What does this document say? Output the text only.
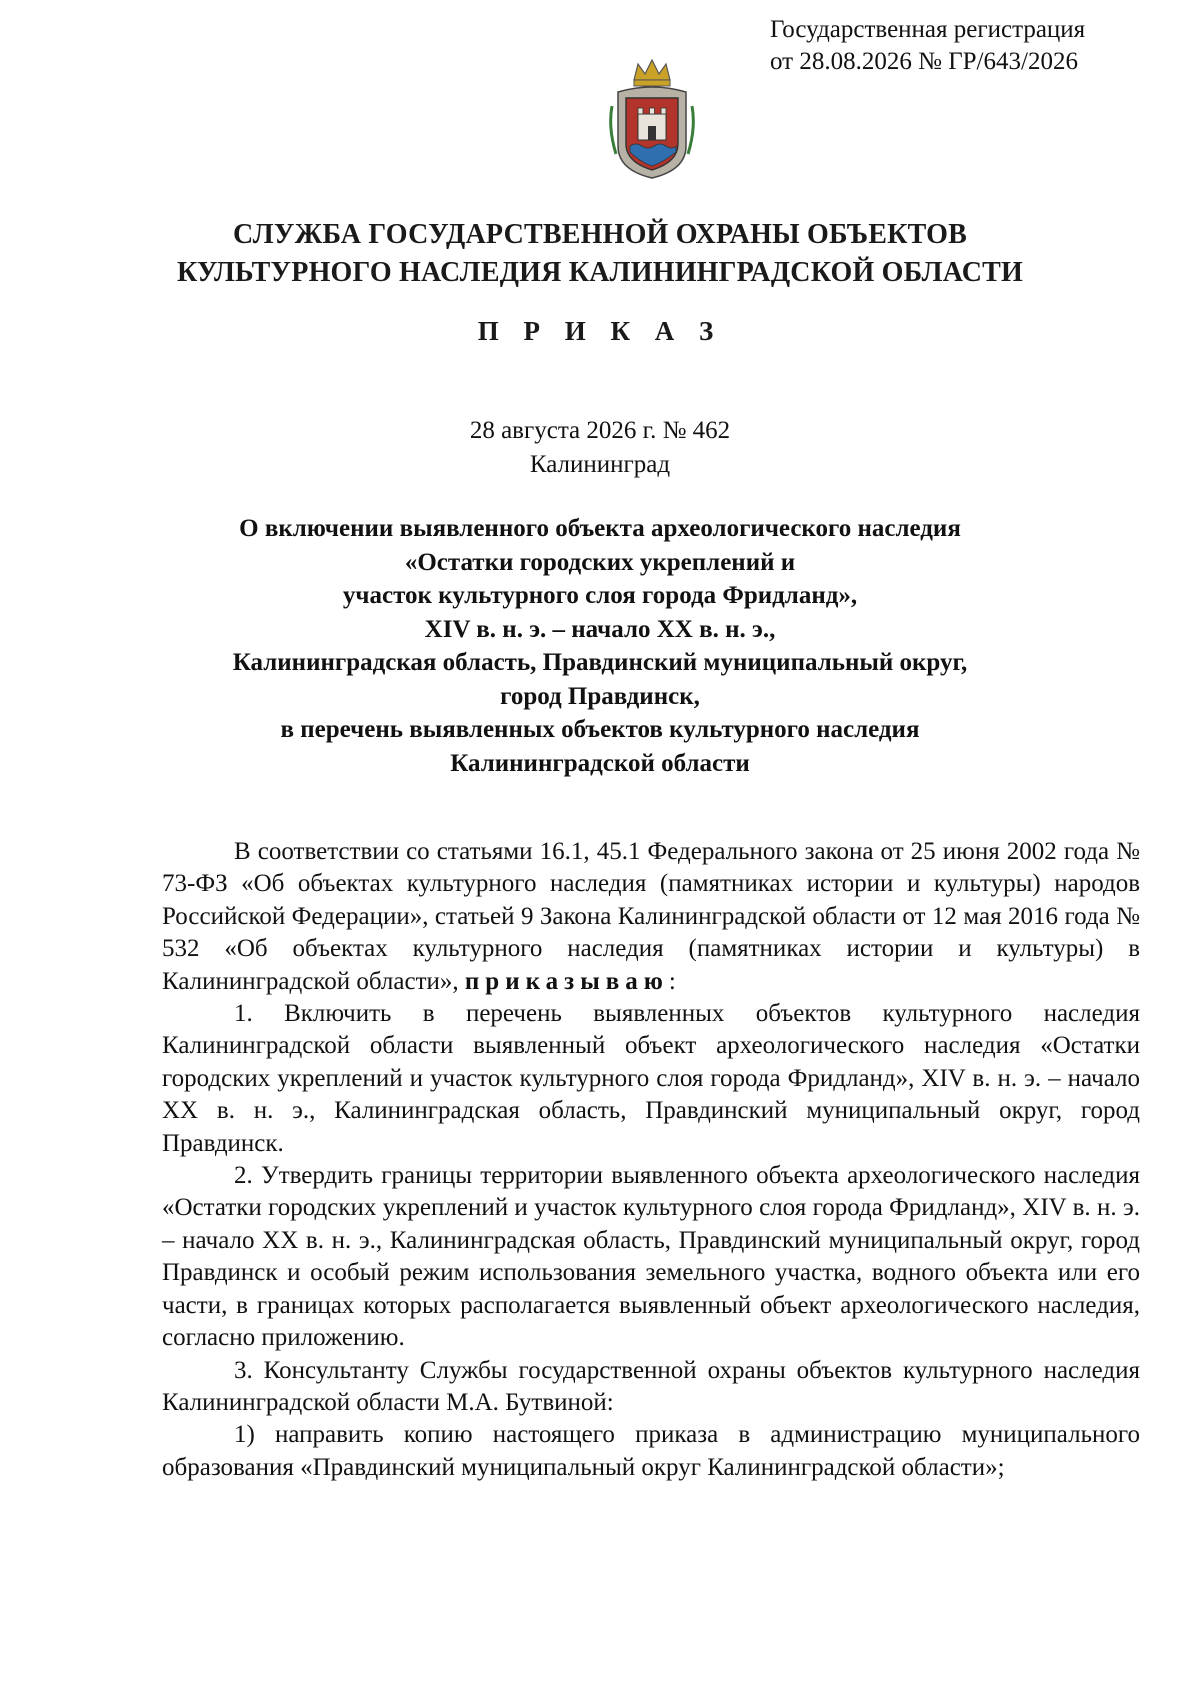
Государственная регистрация
от 28.08.2026 № ГР/643/2026
СЛУЖБА ГОСУДАРСТВЕННОЙ ОХРАНЫ ОБЪЕКТОВ
КУЛЬТУРНОГО НАСЛЕДИЯ КАЛИНИНГРАДСКОЙ ОБЛАСТИ
П Р И К А З
28 августа 2026 г. № 462
Калининград
О включении выявленного объекта археологического наследия
«Остатки городских укреплений и
участок культурного слоя города Фридланд»,
XIV в. н. э. – начало XX в. н. э.,
Калининградская область, Правдинский муниципальный округ,
город Правдинск,
в перечень выявленных объектов культурного наследия
Калининградской области

В соответствии со статьями 16.1, 45.1 Федерального закона от 25 июня 2002 года № 73-ФЗ «Об объектах культурного наследия (памятниках истории и культуры) народов Российской Федерации», статьей 9 Закона Калининградской области от 12 мая 2016 года № 532 «Об объектах культурного наследия (памятниках истории и культуры) в Калининградской области», приказываю:

1. Включить в перечень выявленных объектов культурного наследия Калининградской области выявленный объект археологического наследия «Остатки городских укреплений и участок культурного слоя города Фридланд», XIV в. н. э. – начало XX в. н. э., Калининградская область, Правдинский муниципальный округ, город Правдинск.

2. Утвердить границы территории выявленного объекта археологического наследия «Остатки городских укреплений и участок культурного слоя города Фридланд», XIV в. н. э. – начало XX в. н. э., Калининградская область, Правдинский муниципальный округ, город Правдинск и особый режим использования земельного участка, водного объекта или его части, в границах которых располагается выявленный объект археологического наследия, согласно приложению.

3. Консультанту Службы государственной охраны объектов культурного наследия Калининградской области М.А. Бутвиной:

1) направить копию настоящего приказа в администрацию муниципального образования «Правдинский муниципальный округ Калининградской области»;
